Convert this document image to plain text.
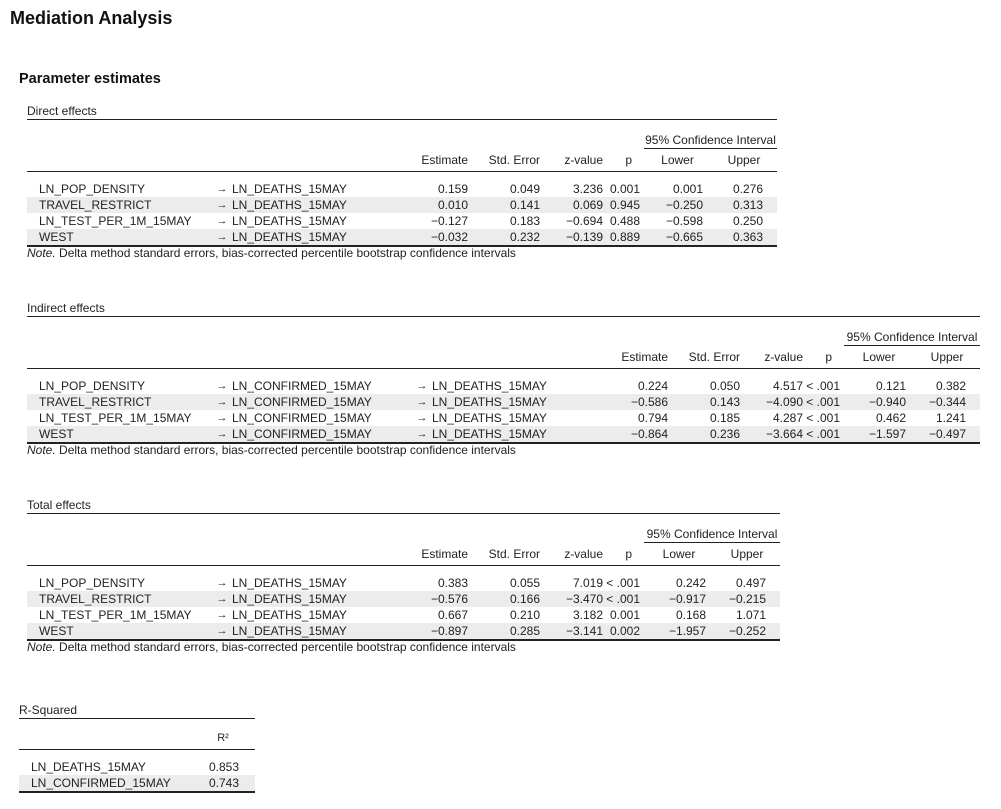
Mediation Analysis
Parameter estimates
Direct effects

							95% Confidence Interval	
			Estimate	Std. Error	z-value	p	Lower	Upper

LN_POP_DENSITY	→	LN_DEATHS_15MAY	0.159	0.049	3.236	0.001	0.001	0.276
TRAVEL_RESTRICT	→	LN_DEATHS_15MAY	0.010	0.141	0.069	0.945	−0.250	0.313
LN_TEST_PER_1M_15MAY	→	LN_DEATHS_15MAY	−0.127	0.183	−0.694	0.488	−0.598	0.250
WEST	→	LN_DEATHS_15MAY	−0.032	0.232	−0.139	0.889	−0.665	0.363
Note. Delta method standard errors, bias-corrected percentile bootstrap confidence intervals
Indirect effects

									95% Confidence Interval	
					Estimate	Std. Error	z-value	p	Lower	Upper

LN_POP_DENSITY	→	LN_CONFIRMED_15MAY	→	LN_DEATHS_15MAY	0.224	0.050	4.517	< .001	0.121	0.382
TRAVEL_RESTRICT	→	LN_CONFIRMED_15MAY	→	LN_DEATHS_15MAY	−0.586	0.143	−4.090	< .001	−0.940	−0.344
LN_TEST_PER_1M_15MAY	→	LN_CONFIRMED_15MAY	→	LN_DEATHS_15MAY	0.794	0.185	4.287	< .001	0.462	1.241
WEST	→	LN_CONFIRMED_15MAY	→	LN_DEATHS_15MAY	−0.864	0.236	−3.664	< .001	−1.597	−0.497
Note. Delta method standard errors, bias-corrected percentile bootstrap confidence intervals
Total effects

							95% Confidence Interval	
			Estimate	Std. Error	z-value	p	Lower	Upper

LN_POP_DENSITY	→	LN_DEATHS_15MAY	0.383	0.055	7.019	< .001	0.242	0.497
TRAVEL_RESTRICT	→	LN_DEATHS_15MAY	−0.576	0.166	−3.470	< .001	−0.917	−0.215
LN_TEST_PER_1M_15MAY	→	LN_DEATHS_15MAY	0.667	0.210	3.182	0.001	0.168	1.071
WEST	→	LN_DEATHS_15MAY	−0.897	0.285	−3.141	0.002	−1.957	−0.252
Note. Delta method standard errors, bias-corrected percentile bootstrap confidence intervals
R-Squared

	R²

LN_DEATHS_15MAY	0.853
LN_CONFIRMED_15MAY	0.743
